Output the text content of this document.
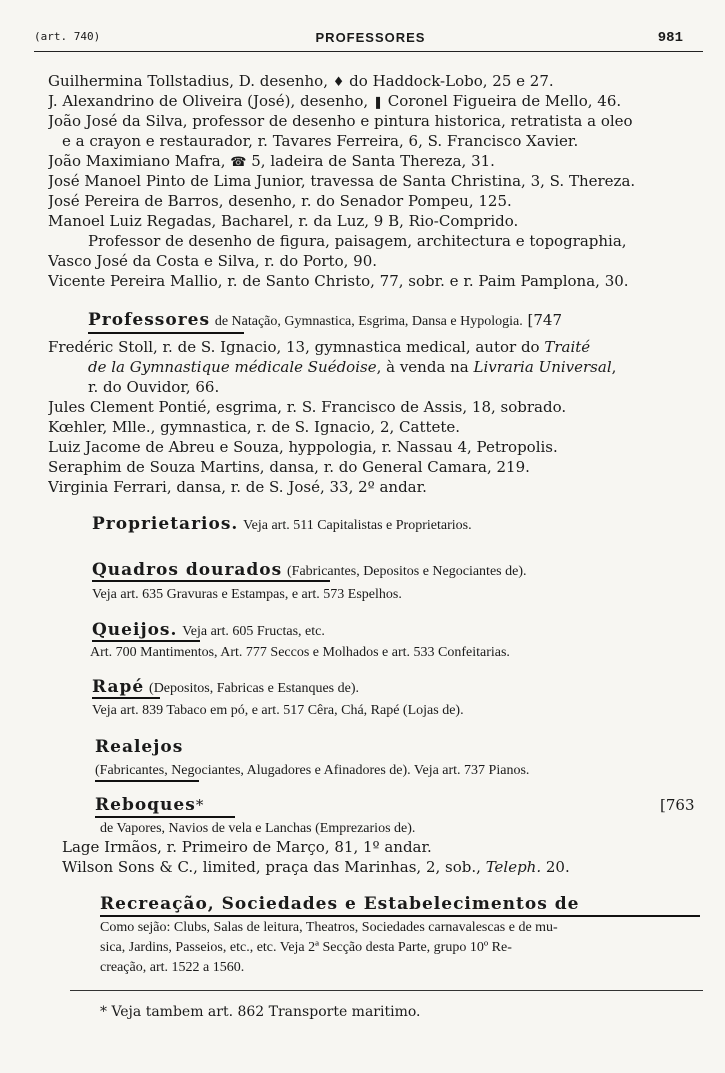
(art. 740)	PROFESSORES	981
Guilhermina Tollstadius, D. desenho, ♦ do Haddock-Lobo, 25 e 27.
J. Alexandrino de Oliveira (José), desenho, ❚ Coronel Figueira de Mello, 46.
João José da Silva, professor de desenho e pintura historica, retratista a oleo
e a crayon e restaurador, r. Tavares Ferreira, 6, S. Francisco Xavier.
João Maximiano Mafra, ☎ 5, ladeira de Santa Thereza, 31.
José Manoel Pinto de Lima Junior, travessa de Santa Christina, 3, S. Thereza.
José Pereira de Barros, desenho, r. do Senador Pompeu, 125.
Manoel Luiz Regadas, Bacharel, r. da Luz, 9 B, Rio-Comprido.
Professor de desenho de figura, paisagem, architectura e topographia,
Vasco José da Costa e Silva, r. do Porto, 90.
Vicente Pereira Mallio, r. de Santo Christo, 77, sobr. e r. Paim Pamplona, 30.
Professores de Natação, Gymnastica, Esgrima, Dansa e Hypologia. [747
Fredéric Stoll, r. de S. Ignacio, 13, gymnastica medical, autor do Traité
de la Gymnastique médicale Suédoise, à venda na Livraria Universal,
r. do Ouvidor, 66.
Jules Clement Pontié, esgrima, r. S. Francisco de Assis, 18, sobrado.
Kœhler, Mlle., gymnastica, r. de S. Ignacio, 2, Cattete.
Luiz Jacome de Abreu e Souza, hyppologia, r. Nassau 4, Petropolis.
Seraphim de Souza Martins, dansa, r. do General Camara, 219.
Virginia Ferrari, dansa, r. de S. José, 33, 2º andar.
Proprietarios. Veja art. 511 Capitalistas e Proprietarios.
Quadros dourados (Fabricantes, Depositos e Negociantes de).
Veja art. 635 Gravuras e Estampas, e art. 573 Espelhos.
Queijos. Veja art. 605 Fructas, etc.
Art. 700 Mantimentos, Art. 777 Seccos e Molhados e art. 533 Confeitarias.
Rapé (Depositos, Fabricas e Estanques de).
Veja art. 839 Tabaco em pó, e art. 517 Cêra, Chá, Rapé (Lojas de).
Realejos
(Fabricantes, Negociantes, Alugadores e Afinadores de). Veja art. 737 Pianos.
Reboques*	[763
de Vapores, Navios de vela e Lanchas (Emprezarios de).
Lage Irmãos, r. Primeiro de Março, 81, 1º andar.
Wilson Sons & C., limited, praça das Marinhas, 2, sob., Teleph. 20.
Recreação, Sociedades e Estabelecimentos de
Como sejão: Clubs, Salas de leitura, Theatros, Sociedades carnavalescas e de mu-
sica, Jardins, Passeios, etc., etc. Veja 2ª Secção desta Parte, grupo 10º Re-
creação, art. 1522 a 1560.
* Veja tambem art. 862 Transporte maritimo.
